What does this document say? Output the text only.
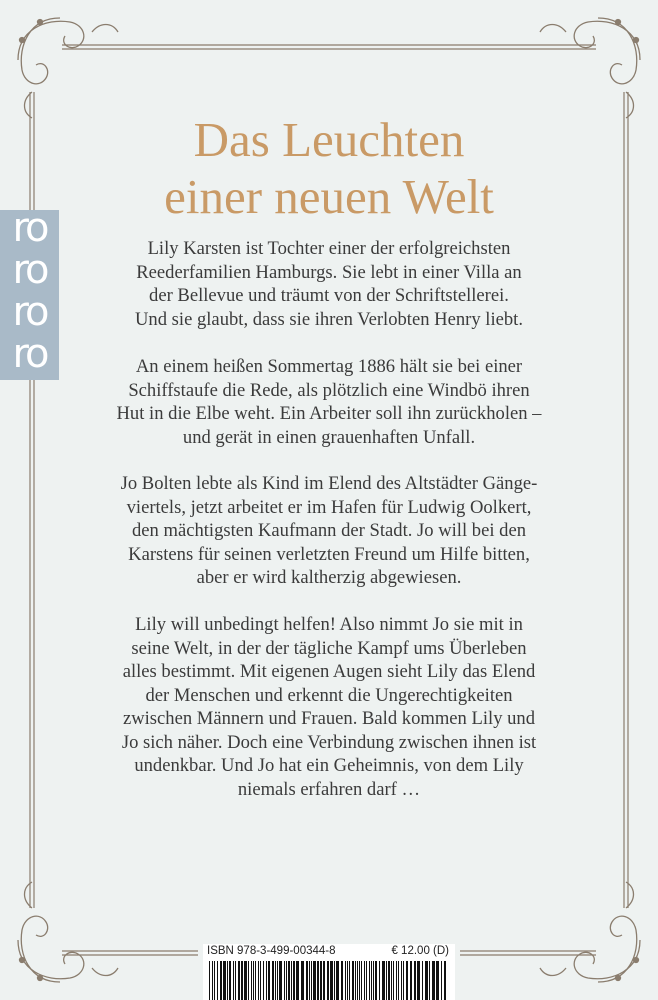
ro
ro
ro
ro
Das Leuchten
einer neuen Welt
Lily Karsten ist Tochter einer der erfolgreichsten
Reederfamilien Hamburgs. Sie lebt in einer Villa an
der Bellevue und träumt von der Schriftstellerei.
Und sie glaubt, dass sie ihren Verlobten Henry liebt.
An einem heißen Sommertag 1886 hält sie bei einer
Schiffstaufe die Rede, als plötzlich eine Windbö ihren
Hut in die Elbe weht. Ein Arbeiter soll ihn zurückholen –
und gerät in einen grauenhaften Unfall.
Jo Bolten lebte als Kind im Elend des Altstädter Gänge-
viertels, jetzt arbeitet er im Hafen für Ludwig Oolkert,
den mächtigsten Kaufmann der Stadt. Jo will bei den
Karstens für seinen verletzten Freund um Hilfe bitten,
aber er wird kaltherzig abgewiesen.
Lily will unbedingt helfen! Also nimmt Jo sie mit in
seine Welt, in der der tägliche Kampf ums Überleben
alles bestimmt. Mit eigenen Augen sieht Lily das Elend
der Menschen und erkennt die Ungerechtigkeiten
zwischen Männern und Frauen. Bald kommen Lily und
Jo sich näher. Doch eine Verbindung zwischen ihnen ist
undenkbar. Und Jo hat ein Geheimnis, von dem Lily
niemals erfahren darf …
ISBN 978-3-499-00344-8	€ 12.00 (D)
